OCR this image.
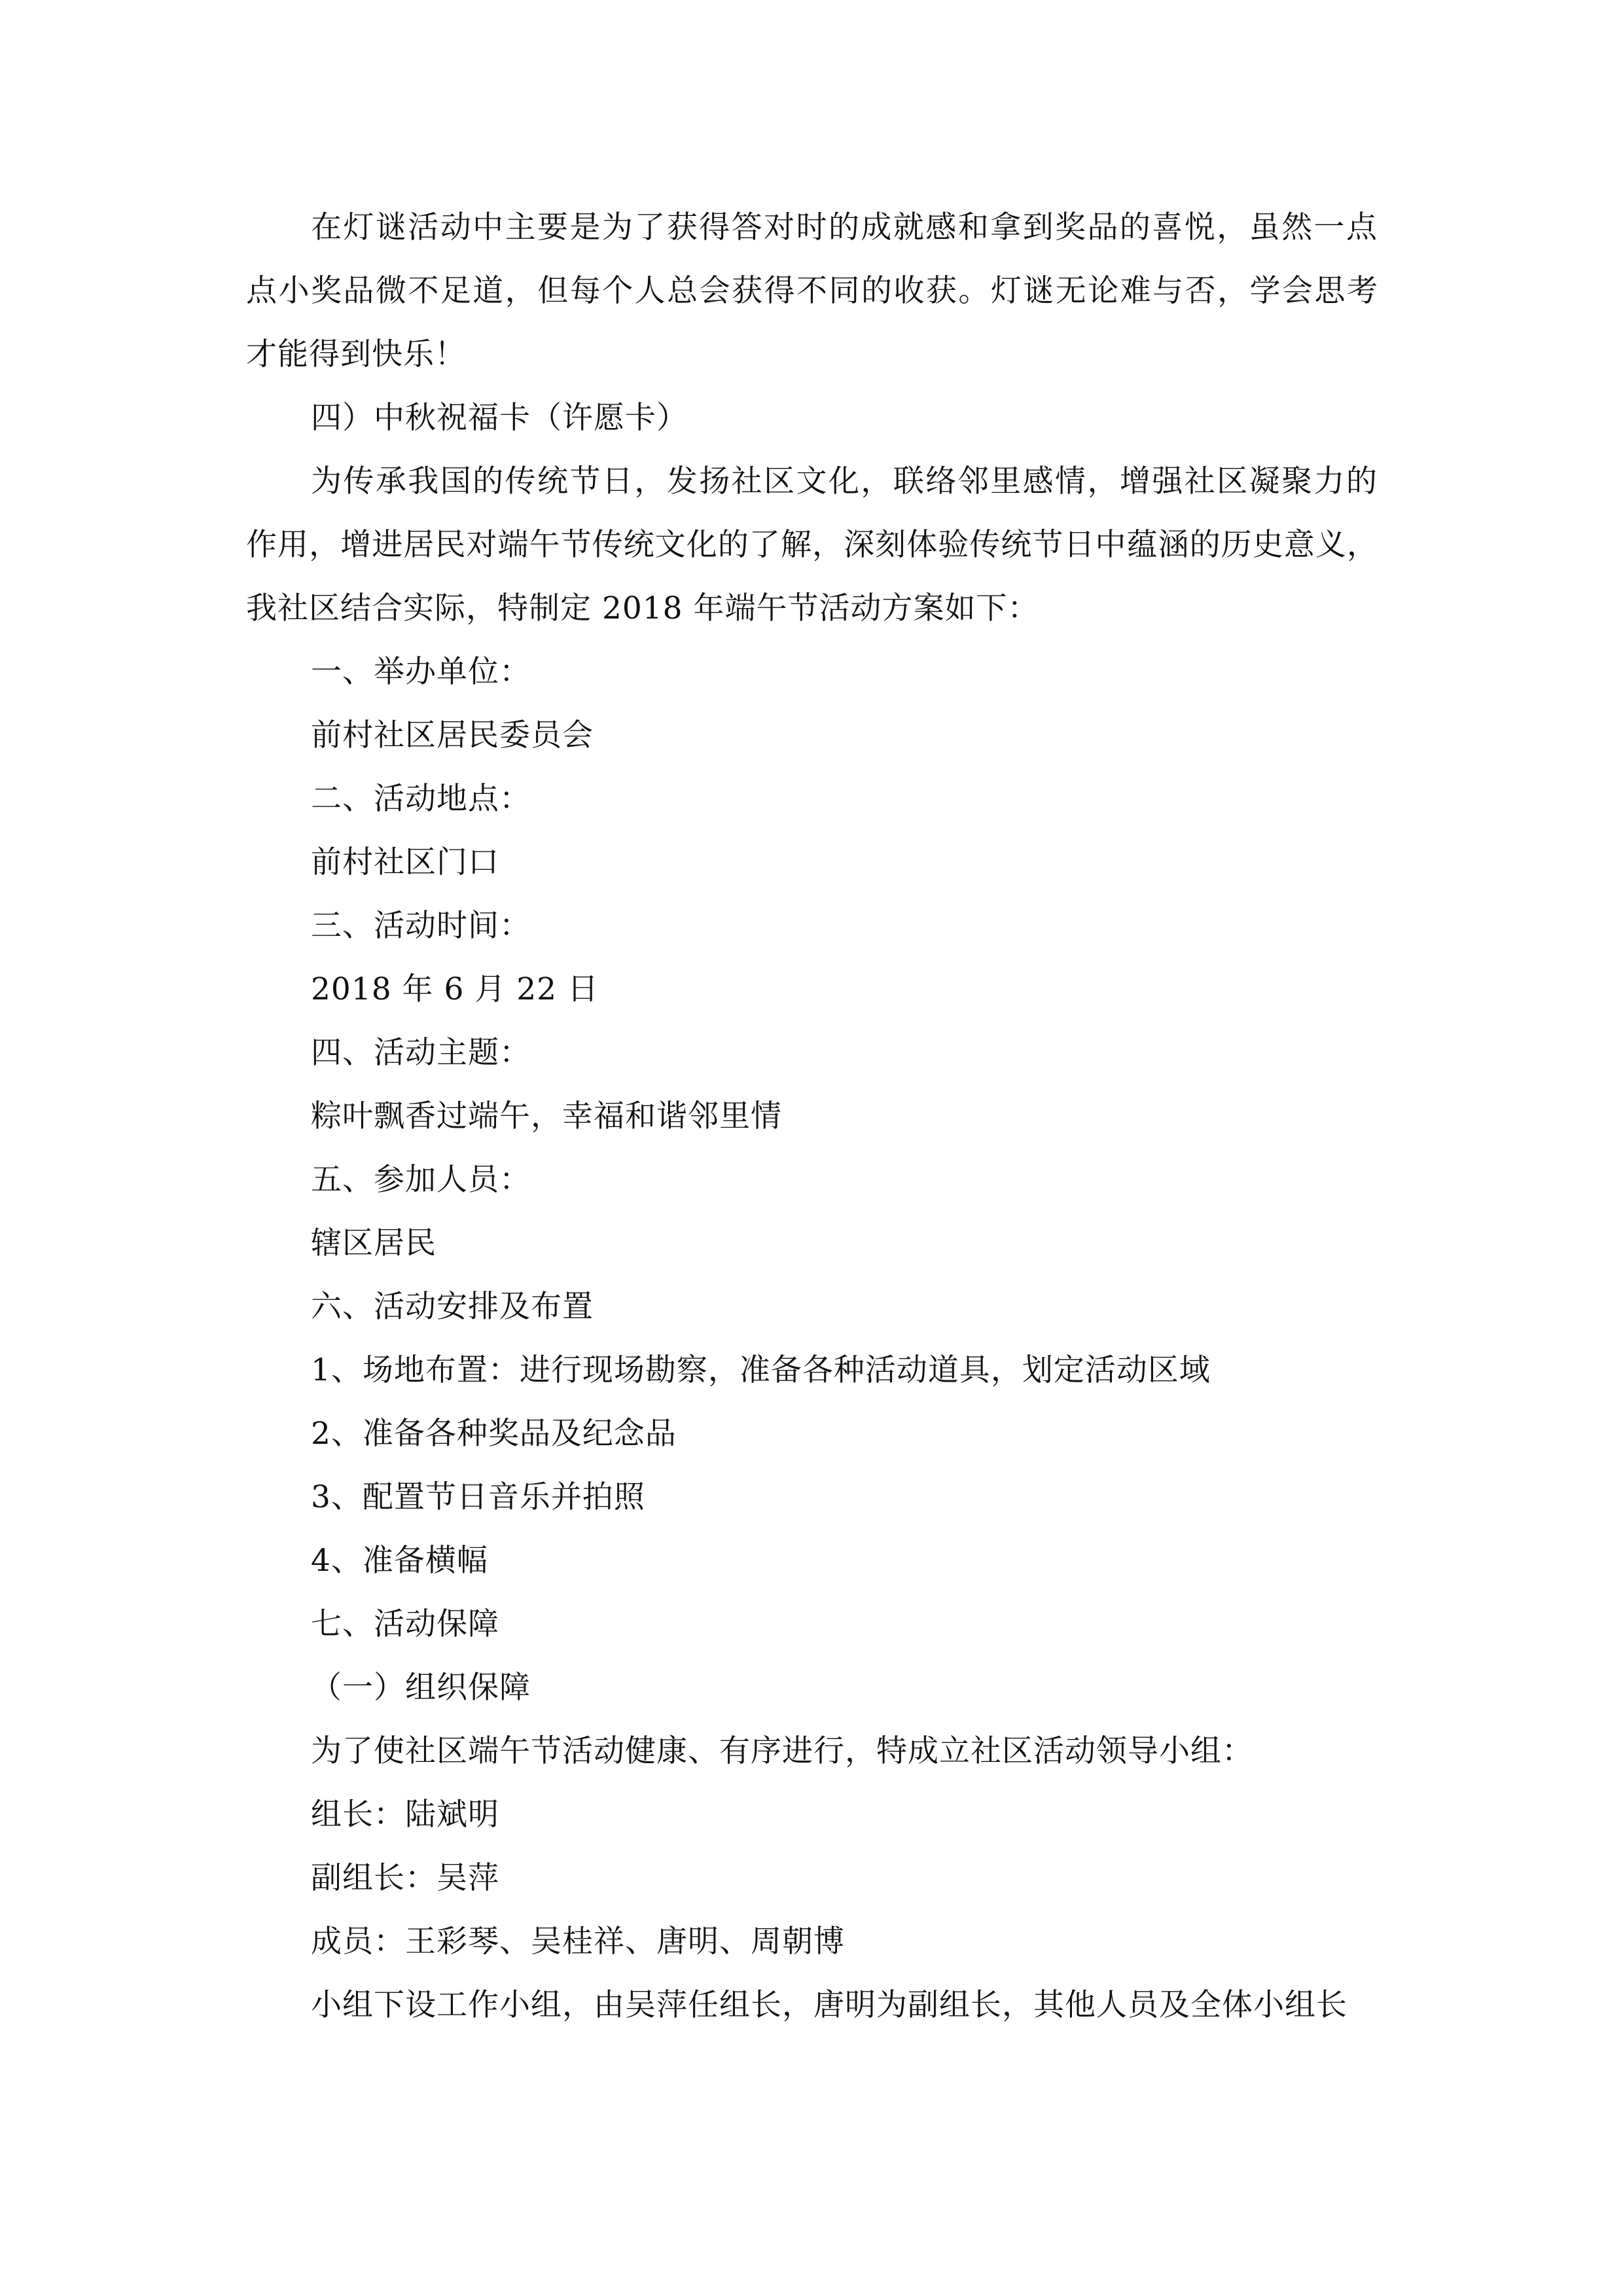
在灯谜活动中主要是为了获得答对时的成就感和拿到奖品的喜悦，虽然一点
点小奖品微不足道，但每个人总会获得不同的收获。灯谜无论难与否，学会思考
才能得到快乐！
四）中秋祝福卡（许愿卡）
为传承我国的传统节日，发扬社区文化，联络邻里感情，增强社区凝聚力的
作用，增进居民对端午节传统文化的了解，深刻体验传统节日中蕴涵的历史意义，
我社区结合实际，特制定 2018 年端午节活动方案如下：
一、举办单位：
前村社区居民委员会
二、活动地点：
前村社区门口
三、活动时间：
2018 年 6 月 22 日
四、活动主题：
粽叶飘香过端午，幸福和谐邻里情
五、参加人员：
辖区居民
六、活动安排及布置
1、场地布置：进行现场勘察，准备各种活动道具，划定活动区域
2、准备各种奖品及纪念品
3、配置节日音乐并拍照
4、准备横幅
七、活动保障
（一）组织保障
为了使社区端午节活动健康、有序进行，特成立社区活动领导小组：
组长：陆斌明
副组长：吴萍
成员：王彩琴、吴桂祥、唐明、周朝博
小组下设工作小组，由吴萍任组长，唐明为副组长，其他人员及全体小组长
